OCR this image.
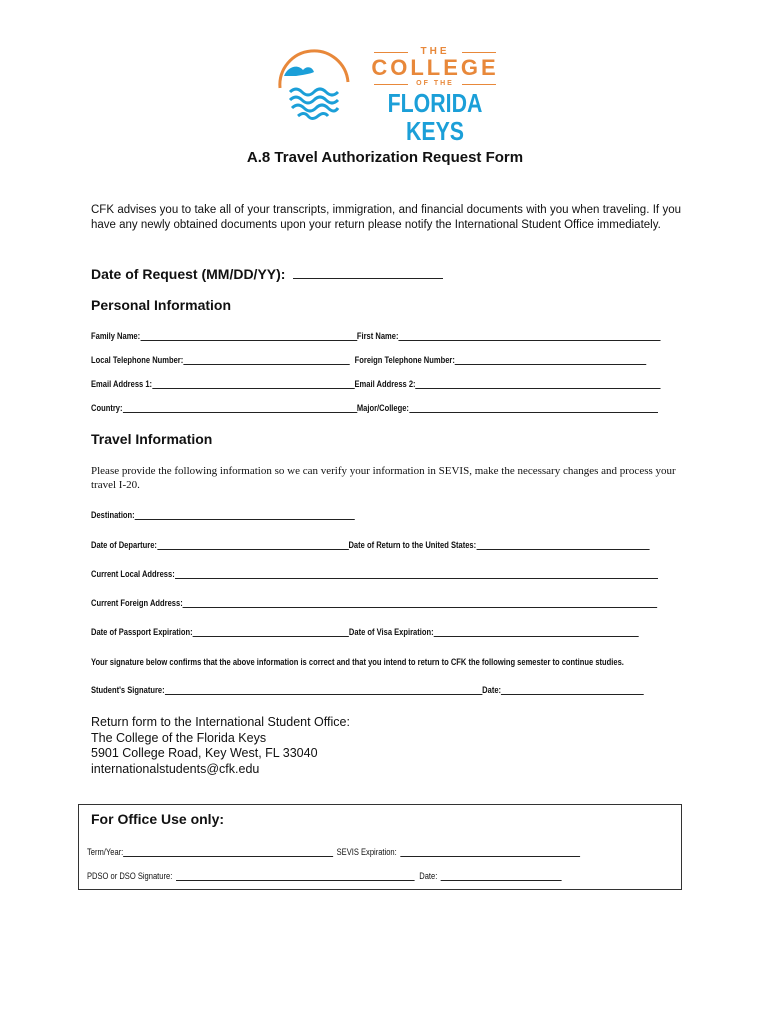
THE
COLLEGE
OF THE
FLORIDA KEYS
A.8 Travel Authorization Request Form
CFK advises you to take all of your transcripts, immigration, and financial documents with you when traveling. If you have any newly obtained documents upon your return please notify the International Student Office immediately.
Date of Request (MM/DD/YY):
Personal Information
Family Name:	First Name:
Local Telephone Number:	Foreign Telephone Number:
Email Address 1:	Email Address 2:
Country:	Major/College:
Travel Information
Please provide the following information so we can verify your information in SEVIS, make the necessary changes and process your travel I-20.
Destination:
Date of Departure:	Date of Return to the United States:
Current Local Address:
Current Foreign Address:
Date of Passport Expiration:	Date of Visa Expiration:
Your signature below confirms that the above information is correct and that you intend to return to CFK the following semester to continue studies.
Student's Signature:	Date:
Return form to the International Student Office:
The College of the Florida Keys
5901 College Road, Key West, FL 33040
internationalstudents@cfk.edu
For Office Use only:
Term/Year:	SEVIS Expiration:
PDSO or DSO Signature:	Date:
